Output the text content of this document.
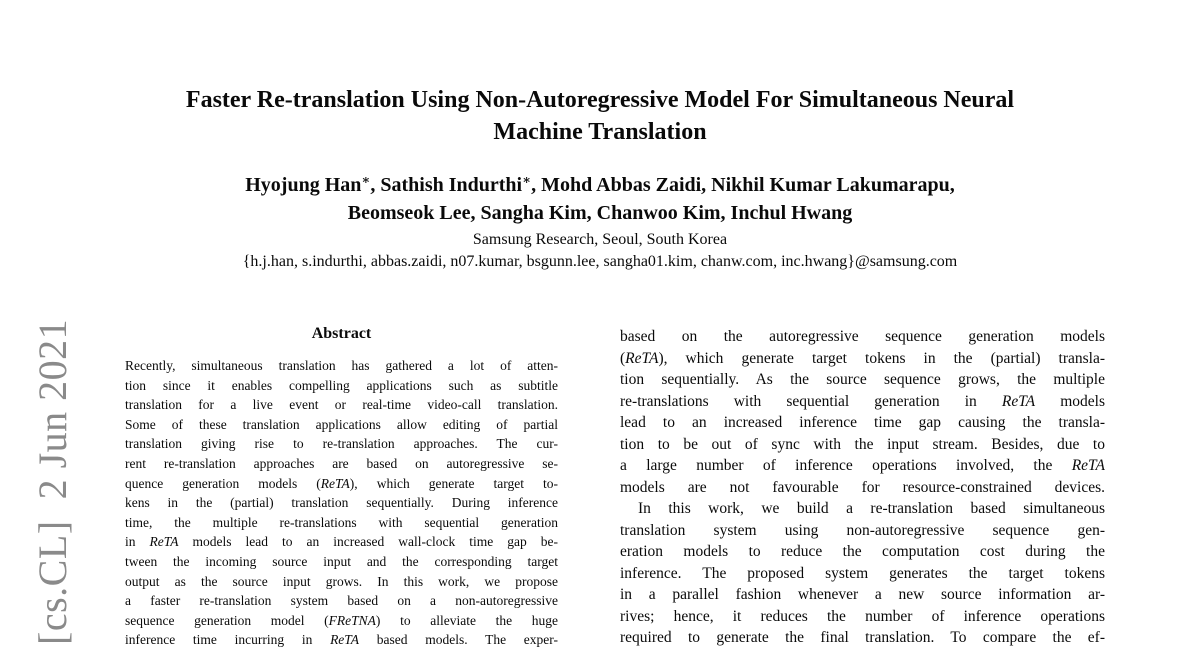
[cs.CL]  2 Jun 2021
Faster Re-translation Using Non-Autoregressive Model For Simultaneous Neural
Machine Translation
Hyojung Han∗, Sathish Indurthi∗, Mohd Abbas Zaidi, Nikhil Kumar Lakumarapu,
Beomseok Lee, Sangha Kim, Chanwoo Kim, Inchul Hwang
Samsung Research, Seoul, South Korea
{h.j.han, s.indurthi, abbas.zaidi, n07.kumar, bsgunn.lee, sangha01.kim, chanw.com, inc.hwang}@samsung.com
Abstract
Recently, simultaneous translation has gathered a lot of atten-
tion since it enables compelling applications such as subtitle
translation for a live event or real-time video-call translation.
Some of these translation applications allow editing of partial
translation giving rise to re-translation approaches. The cur-
rent re-translation approaches are based on autoregressive se-
quence generation models (ReTA), which generate target to-
kens in the (partial) translation sequentially. During inference
time, the multiple re-translations with sequential generation
in ReTA models lead to an increased wall-clock time gap be-
tween the incoming source input and the corresponding target
output as the source input grows. In this work, we propose
a faster re-translation system based on a non-autoregressive
sequence generation model (FReTNA) to alleviate the huge
inference time incurring in ReTA based models. The exper-
based on the autoregressive sequence generation models
(ReTA), which generate target tokens in the (partial) transla-
tion sequentially. As the source sequence grows, the multiple
re-translations with sequential generation in ReTA models
lead to an increased inference time gap causing the transla-
tion to be out of sync with the input stream. Besides, due to
a large number of inference operations involved, the ReTA
models are not favourable for resource-constrained devices.
In this work, we build a re-translation based simultaneous
translation system using non-autoregressive sequence gen-
eration models to reduce the computation cost during the
inference. The proposed system generates the target tokens
in a parallel fashion whenever a new source information ar-
rives; hence, it reduces the number of inference operations
required to generate the final translation. To compare the ef-
